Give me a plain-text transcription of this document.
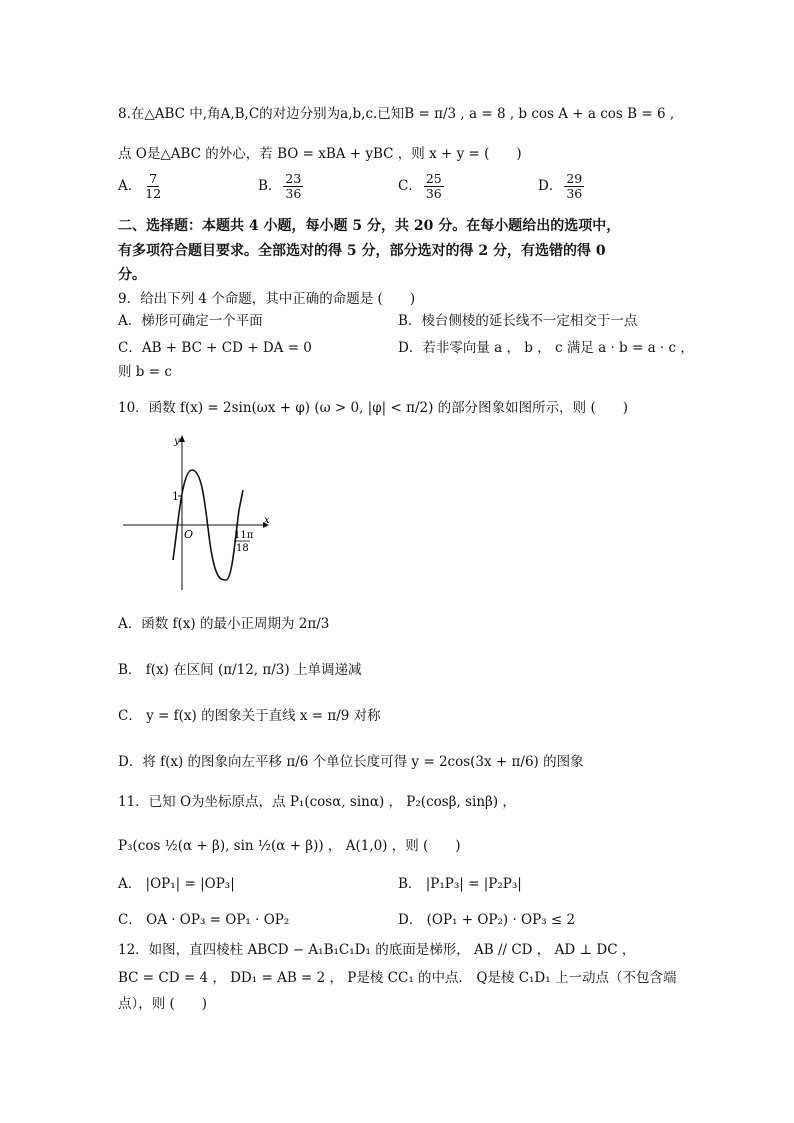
8.在△ABC 中,角A,B,C的对边分别为a,b,c.已知B = π/3 , a = 8 , b cos A + a cos B = 6 ,
点 O是△ABC 的外心，若 BO = xBA + yBC ，则 x + y = (　　)
A． $\frac{7}{12}$	B． $\frac{23}{36}$	C． $\frac{25}{36}$	D． $\frac{29}{36}$
二、选择题：本题共 4 小题，每小题 5 分，共 20 分。在每小题给出的选项中，
有多项符合题目要求。全部选对的得 5 分，部分选对的得 2 分，有选错的得 0
分。
9．给出下列 4 个命题，其中正确的命题是 (　　)
A．梯形可确定一个平面	B．棱台侧棱的延长线不一定相交于一点
C．AB + BC + CD + DA = 0	D．若非零向量 a ， b ， c 满足 a · b = a · c ，
则 b = c
10．函数 f(x) = 2sin(ωx + φ) (ω > 0, |φ| < π/2) 的部分图象如图所示，则 (　　)
1
y
x
O	11π
18
A．函数 f(x) 的最小正周期为 2π/3
B． f(x) 在区间 (π/12, π/3) 上单调递减
C． y = f(x) 的图象关于直线 x = π/9 对称
D．将 f(x) 的图象向左平移 π/6 个单位长度可得 y = 2cos(3x + π/6) 的图象
11．已知 O为坐标原点，点 P₁(cosα, sinα) ， P₂(cosβ, sinβ) ，
P₃(cos ½(α + β), sin ½(α + β)) ， A(1,0) ，则 (　　)
A． |OP₁| = |OP₃|	B． |P₁P₃| = |P₂P₃|
C． OA · OP₃ = OP₁ · OP₂	D． (OP₁ + OP₂) · OP₃ ≤ 2
12．如图，直四棱柱 ABCD − A₁B₁C₁D₁ 的底面是梯形， AB // CD ， AD ⊥ DC ，
BC = CD = 4 ， DD₁ = AB = 2 ， P是棱 CC₁ 的中点． Q是棱 C₁D₁ 上一动点（不包含端
点），则 (　　)
